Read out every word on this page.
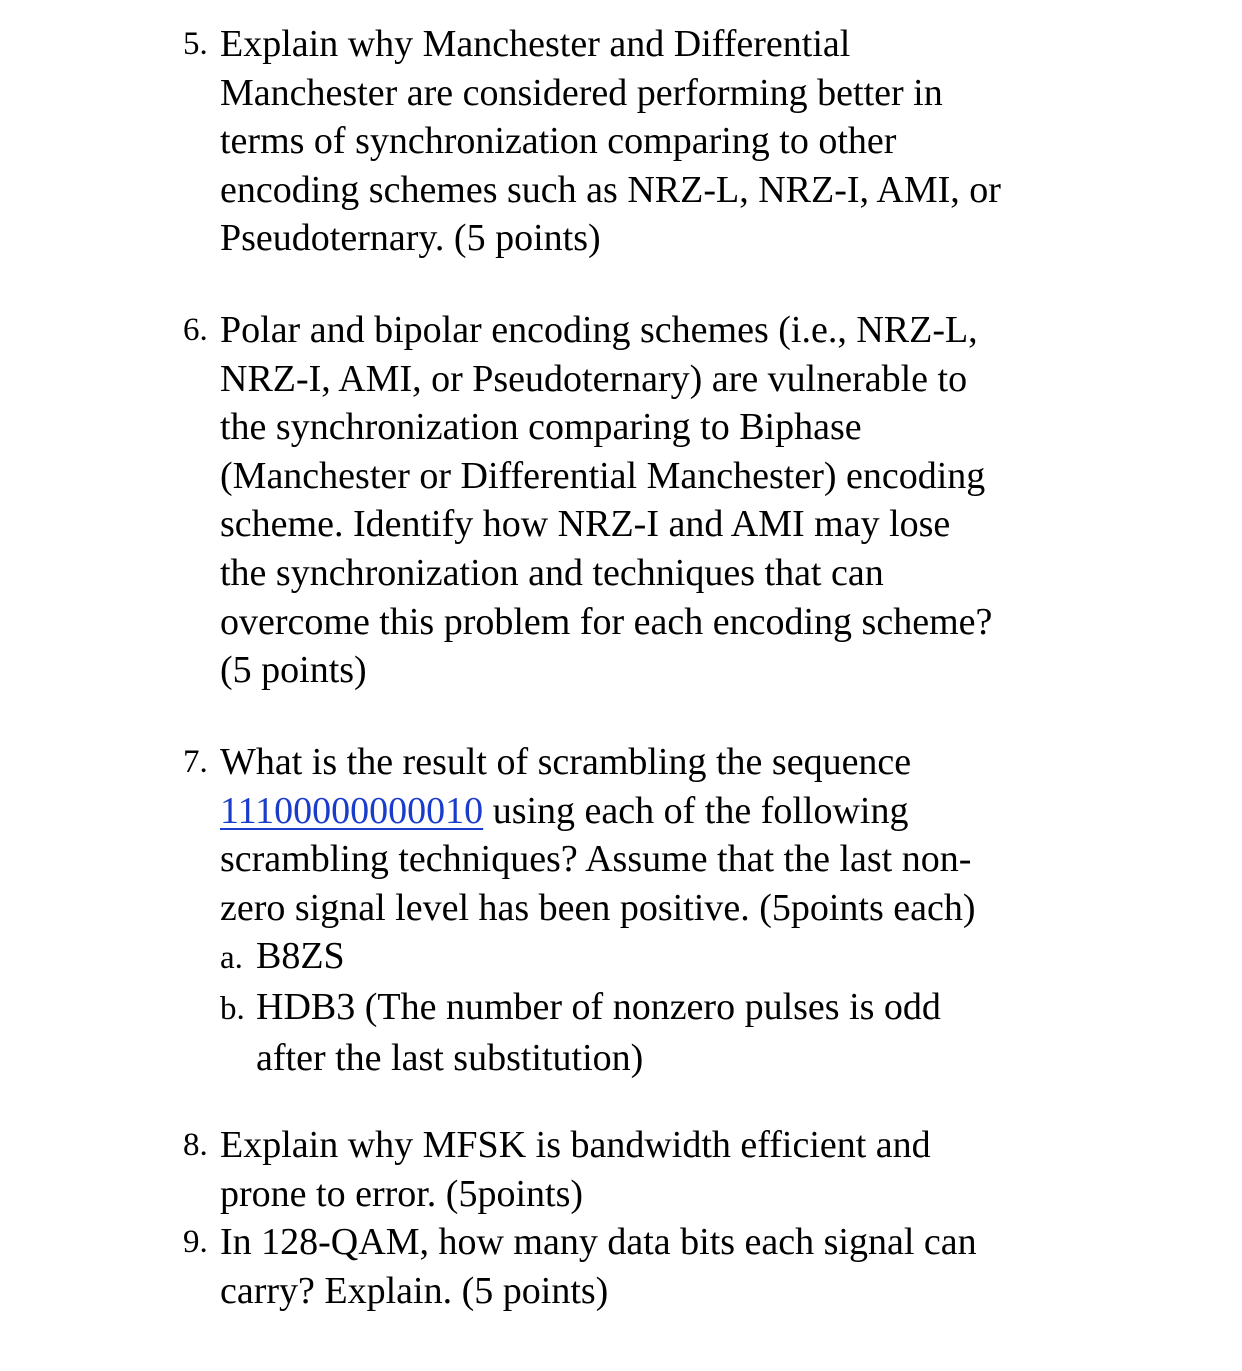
5. Explain why Manchester and Differential
Manchester are considered performing better in
terms of synchronization comparing to other
encoding schemes such as NRZ-L, NRZ-I, AMI, or
Pseudoternary. (5 points)
6. Polar and bipolar encoding schemes (i.e., NRZ-L,
NRZ-I, AMI, or Pseudoternary) are vulnerable to
the synchronization comparing to Biphase
(Manchester or Differential Manchester) encoding
scheme. Identify how NRZ-I and AMI may lose
the synchronization and techniques that can
overcome this problem for each encoding scheme?
(5 points)
7. What is the result of scrambling the sequence
11100000000010 using each of the following
scrambling techniques? Assume that the last non-
zero signal level has been positive. (5points each)
a. B8ZS
b. HDB3 (The number of nonzero pulses is odd
after the last substitution)
8. Explain why MFSK is bandwidth efficient and
prone to error. (5points)
9. In 128-QAM, how many data bits each signal can
carry? Explain. (5 points)
